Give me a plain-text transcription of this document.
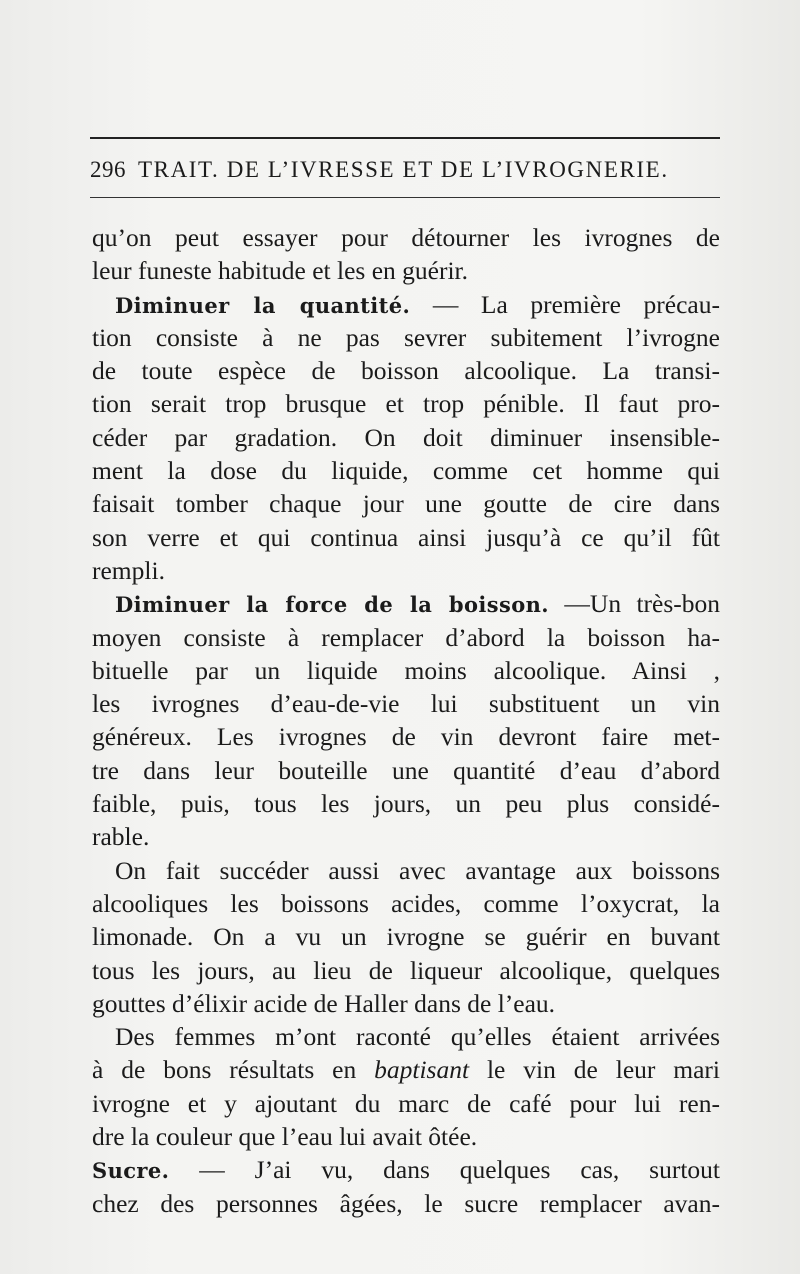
296 TRAIT. DE L’IVRESSE ET DE L’IVROGNERIE.
qu’on peut essayer pour détourner les ivrognes de
leur funeste habitude et les en guérir.
Diminuer la quantité. — La première précau-
tion consiste à ne pas sevrer subitement l’ivrogne
de toute espèce de boisson alcoolique. La transi-
tion serait trop brusque et trop pénible. Il faut pro-
céder par gradation. On doit diminuer insensible-
ment la dose du liquide, comme cet homme qui
faisait tomber chaque jour une goutte de cire dans
son verre et qui continua ainsi jusqu’à ce qu’il fût
rempli.
Diminuer la force de la boisson. —Un très-bon
moyen consiste à remplacer d’abord la boisson ha-
bituelle par un liquide moins alcoolique. Ainsi ,
les ivrognes d’eau-de-vie lui substituent un vin
généreux. Les ivrognes de vin devront faire met-
tre dans leur bouteille une quantité d’eau d’abord
faible, puis, tous les jours, un peu plus considé-
rable.
On fait succéder aussi avec avantage aux boissons
alcooliques les boissons acides, comme l’oxycrat, la
limonade. On a vu un ivrogne se guérir en buvant
tous les jours, au lieu de liqueur alcoolique, quelques
gouttes d’élixir acide de Haller dans de l’eau.
Des femmes m’ont raconté qu’elles étaient arrivées
à de bons résultats en baptisant le vin de leur mari
ivrogne et y ajoutant du marc de café pour lui ren-
dre la couleur que l’eau lui avait ôtée.
Sucre. — J’ai vu, dans quelques cas, surtout
chez des personnes âgées, le sucre remplacer avan-
